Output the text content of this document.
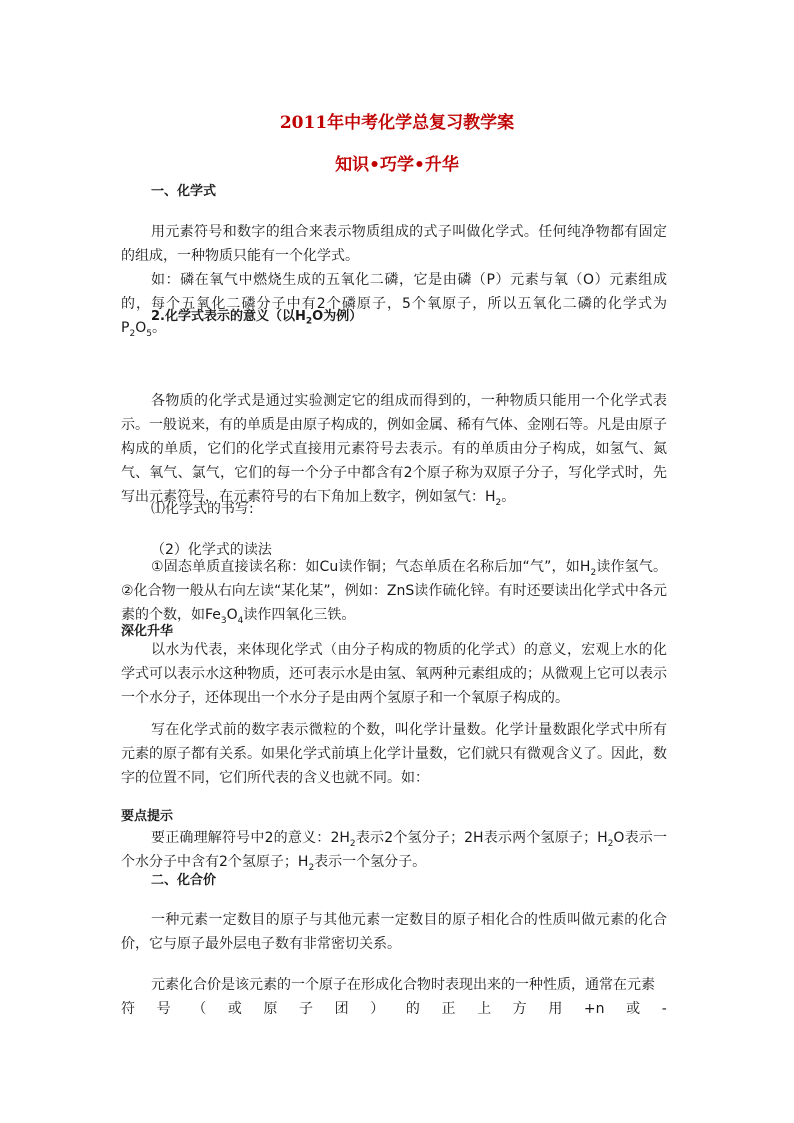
2011年中考化学总复习教学案
知识•巧学•升华

一、化学式

用元素符号和数字的组合来表示物质组成的式子叫做化学式。任何纯净物都有固定的组成，一种物质只能有一个化学式。

如：磷在氧气中燃烧生成的五氧化二磷，它是由磷（P）元素与氧（O）元素组成的，每个五氧化二磷分子中有2个磷原子，5个氧原子，所以五氧化二磷的化学式为$P_2O_5$。

2.化学式表示的意义（以$H_2O$为例）

各物质的化学式是通过实验测定它的组成而得到的，一种物质只能用一个化学式表示。一般说来，有的单质是由原子构成的，例如金属、稀有气体、金刚石等。凡是由原子构成的单质，它们的化学式直接用元素符号去表示。有的单质由分子构成，如氢气、氮气、氧气、氯气，它们的每一个分子中都含有2个原子称为双原子分子，写化学式时，先写出元素符号，在元素符号的右下角加上数字，例如氢气：$H_2$。

⑴化学式的书写:

（2）化学式的读法

①固态单质直接读名称：如Cu读作铜；气态单质在名称后加“气”，如$H_2$读作氢气。②化合物一般从右向左读“某化某”，例如：ZnS读作硫化锌。有时还要读出化学式中各元素的个数，如$Fe_3O_4$读作四氧化三铁。

深化升华

以水为代表，来体现化学式（由分子构成的物质的化学式）的意义，宏观上水的化学式可以表示水这种物质，还可表示水是由氢、氧两种元素组成的；从微观上它可以表示一个水分子，还体现出一个水分子是由两个氢原子和一个氧原子构成的。

写在化学式前的数字表示微粒的个数，叫化学计量数。化学计量数跟化学式中所有元素的原子都有关系。如果化学式前填上化学计量数，它们就只有微观含义了。因此，数字的位置不同，它们所代表的含义也就不同。如：

要点提示

要正确理解符号中2的意义：$2H_2$表示2个氢分子；2H表示两个氢原子；$H_2O$表示一个水分子中含有2个氢原子；$H_2$表示一个氢分子。

二、化合价

一种元素一定数目的原子与其他元素一定数目的原子相化合的性质叫做元素的化合价，它与原子最外层电子数有非常密切关系。

元素化合价是该元素的一个原子在形成化合物时表现出来的一种性质，通常在元素

符 号 （ 或 原 子 团 ） 的 正 上 方 用 +n 或 -
